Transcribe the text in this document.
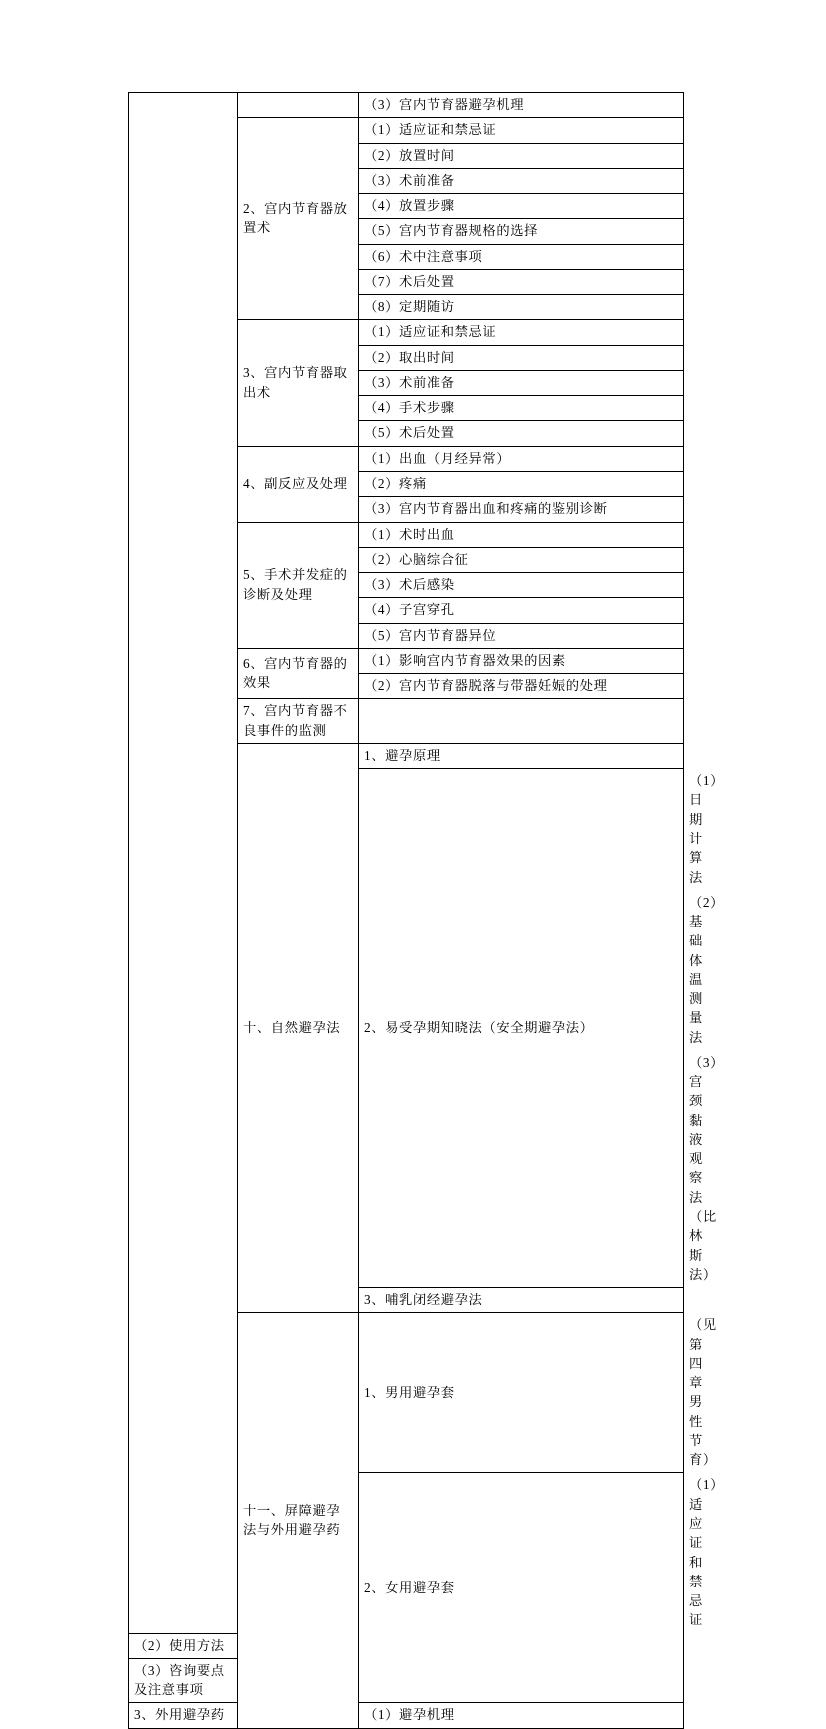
		（3）宫内节育器避孕机理	
	2、宫内节育器放置术	（1）适应证和禁忌证	
		（2）放置时间	
		（3）术前准备	
		（4）放置步骤	
		（5）宫内节育器规格的选择	
		（6）术中注意事项	
		（7）术后处置	
		（8）定期随访	
	3、宫内节育器取出术	（1）适应证和禁忌证	
		（2）取出时间	
		（3）术前准备	
		（4）手术步骤	
		（5）术后处置	
	4、副反应及处理	（1）出血（月经异常）	
		（2）疼痛	
		（3）宫内节育器出血和疼痛的鉴别诊断	
	5、手术并发症的诊断及处理	（1）术时出血	
		（2）心脑综合征	
		（3）术后感染	
		（4）子宫穿孔	
		（5）宫内节育器异位	
	6、宫内节育器的效果	（1）影响宫内节育器效果的因素	
		（2）宫内节育器脱落与带器妊娠的处理	
	7、宫内节育器不良事件的监测		
	十、自然避孕法	1、避孕原理	
		2、易受孕期知晓法（安全期避孕法）	（1）日期计算法
			（2）基础体温测量法
			（3）宫颈黏液观察法（比林斯法）
		3、哺乳闭经避孕法	
	十一、屏障避孕法与外用避孕药	1、男用避孕套	（见第四章男性节育）
		2、女用避孕套	（1）适应证和禁忌证
（2）使用方法			
（3）咨询要点及注意事项			
3、外用避孕药		（1）避孕机理	
